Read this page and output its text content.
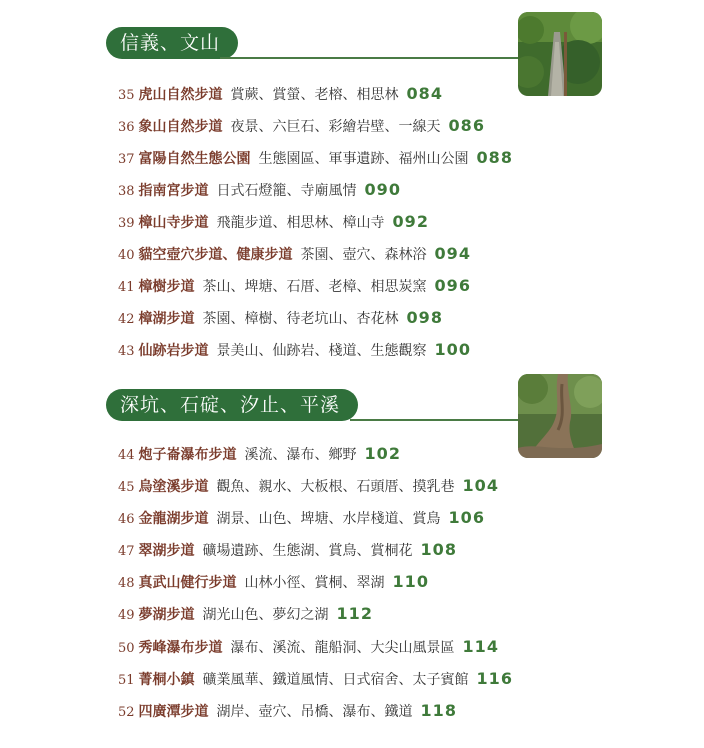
信義、文山
35 虎山自然步道 賞蕨、賞螢、老榕、相思林 084
36 象山自然步道 夜景、六巨石、彩繪岩壁、一線天 086
37 富陽自然生態公園 生態園區、軍事遺跡、福州山公園 088
38 指南宮步道 日式石燈籠、寺廟風情 090
39 樟山寺步道 飛龍步道、相思林、樟山寺 092
40 貓空壺穴步道、健康步道 茶園、壺穴、森林浴 094
41 樟樹步道 茶山、埤塘、石厝、老樟、相思炭窯 096
42 樟湖步道 茶園、樟樹、待老坑山、杏花林 098
43 仙跡岩步道 景美山、仙跡岩、棧道、生態觀察 100
深坑、石碇、汐止、平溪
44 炮子崙瀑布步道 溪流、瀑布、鄉野 102
45 烏塗溪步道 觀魚、親水、大板根、石頭厝、摸乳巷 104
46 金龍湖步道 湖景、山色、埤塘、水岸棧道、賞鳥 106
47 翠湖步道 礦場遺跡、生態湖、賞鳥、賞桐花 108
48 真武山健行步道 山林小徑、賞桐、翠湖 110
49 夢湖步道 湖光山色、夢幻之湖 112
50 秀峰瀑布步道 瀑布、溪流、龍船洞、大尖山風景區 114
51 菁桐小鎮 礦業風華、鐵道風情、日式宿舍、太子賓館 116
52 四廣潭步道 湖岸、壺穴、吊橋、瀑布、鐵道 118
